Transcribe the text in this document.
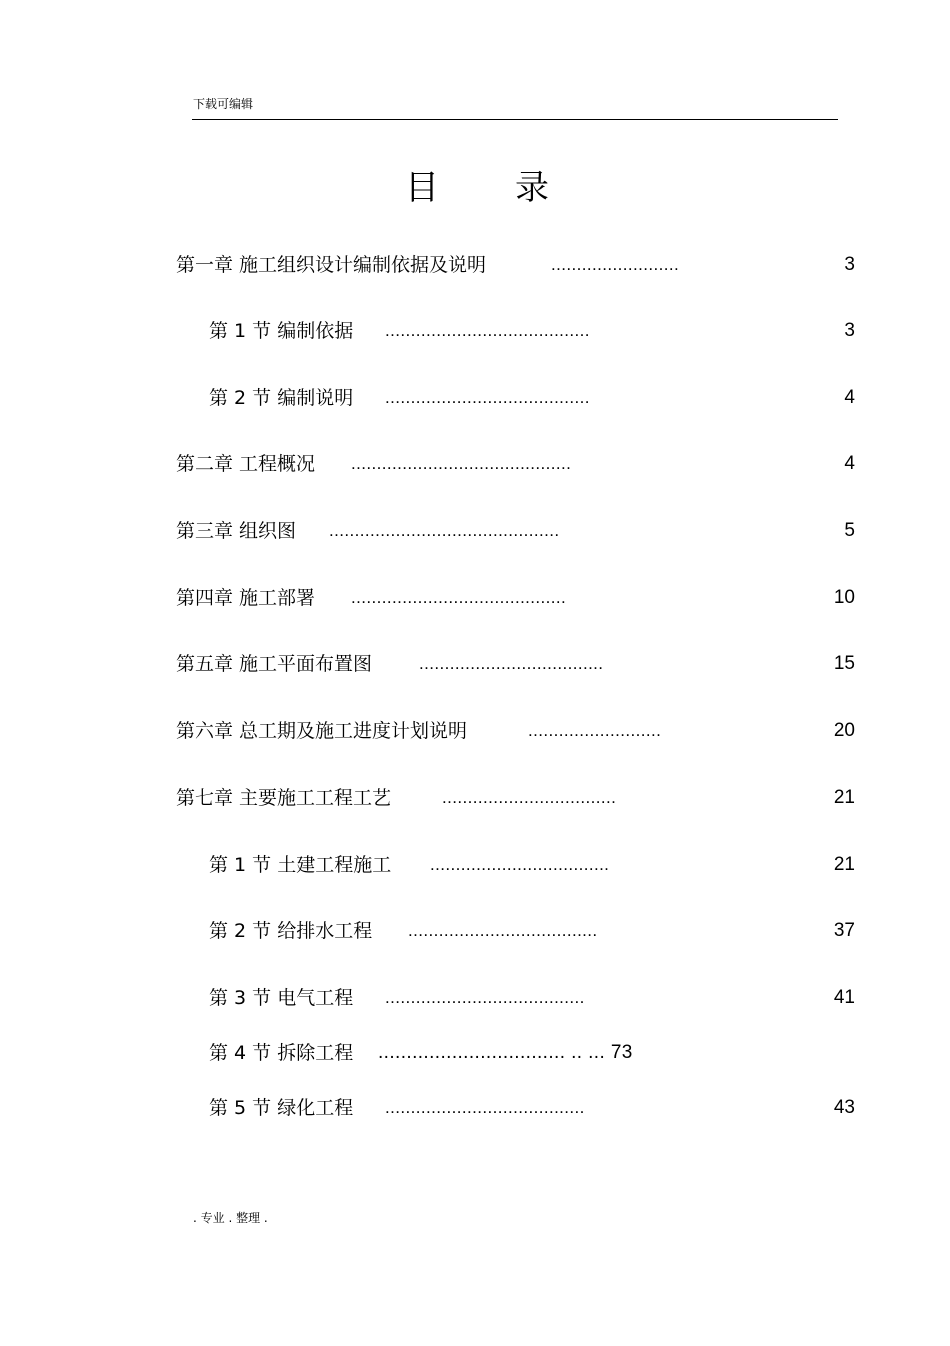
下载可编辑
目录
第一章 施工组织设计编制依据及说明	.........................	3
第 1 节 编制依据 ........................................	3
第 2 节 编制说明 ........................................	4
第二章 工程概况 ...........................................	4
第三章 组织图 .............................................	5
第四章 施工部署 ..........................................	10
第五章 施工平面布置图	....................................	15
第六章 总工期及施工进度计划说明	..........................	20
第七章 主要施工工程工艺	..................................	21
第 1 节 土建工程施工 ...................................	21
第 2 节 给排水工程 .....................................	37
第 3 节 电气工程 .......................................	41
第 4 节 拆除工程 ................................. .. ... 73
第 5 节 绿化工程 .......................................	43
. 专业 . 整理 .
